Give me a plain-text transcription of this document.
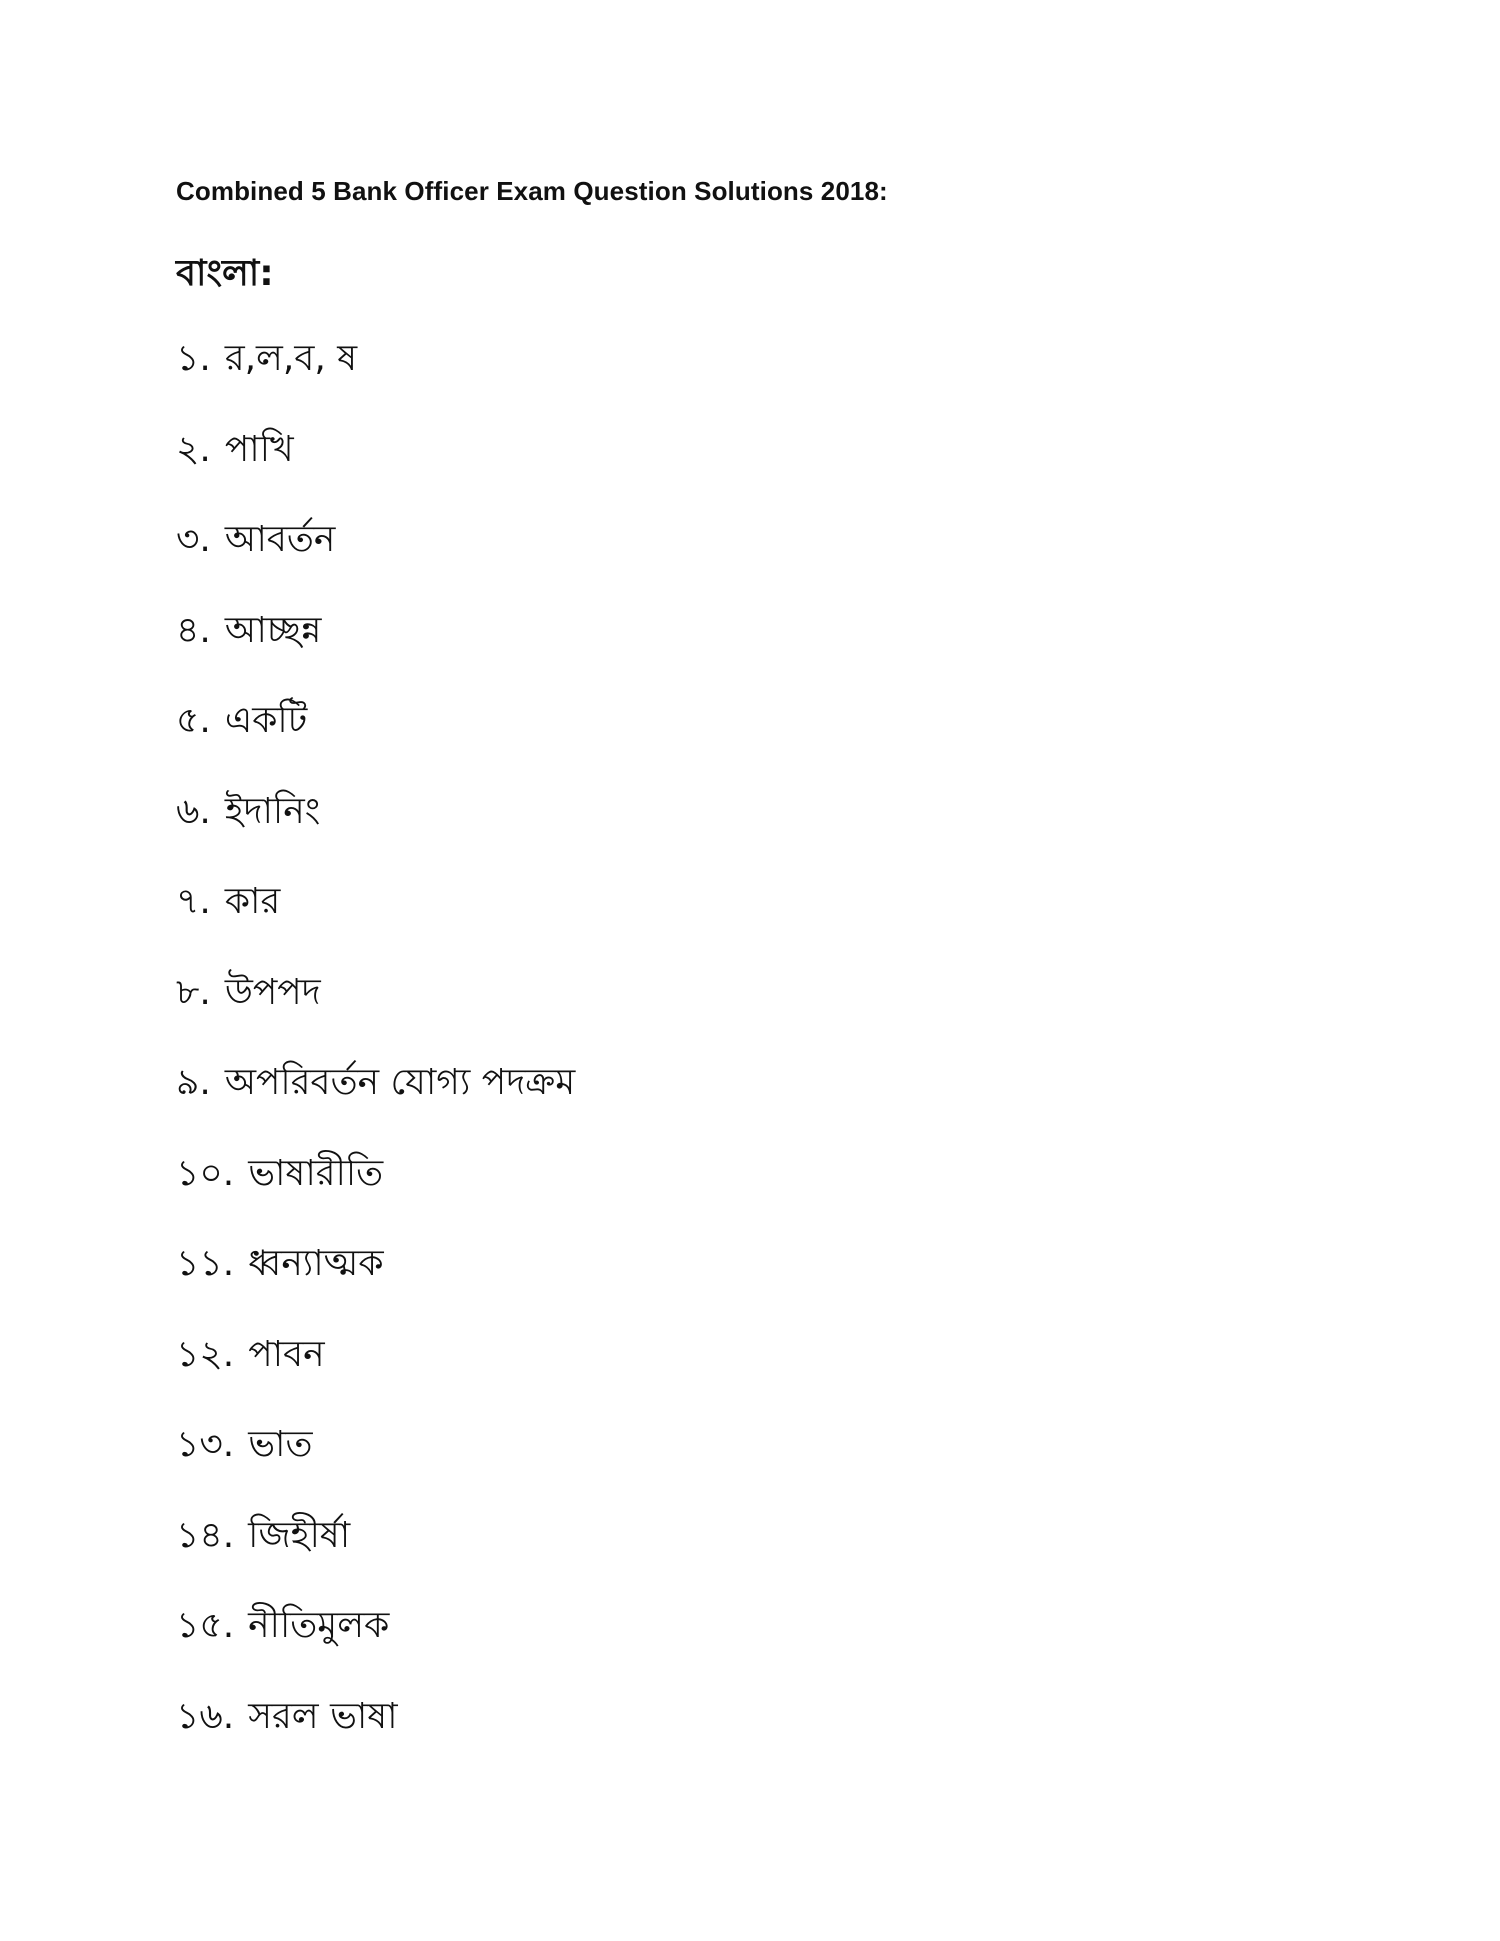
Combined 5 Bank Officer Exam Question Solutions 2018:
বাংলা:
১. র,ল,ব, ষ
২. পাখি
৩. আবর্তন
৪. আচ্ছন্ন
৫. একটি
৬. ইদানিং
৭. কার
৮. উপপদ
৯. অপরিবর্তন যোগ্য পদক্রম
১০. ভাষারীতি
১১. ধ্বন্যাত্মক
১২. পাবন
১৩. ভাত
১৪. জিহীর্ষা
১৫. নীতিমুলক
১৬. সরল ভাষা
